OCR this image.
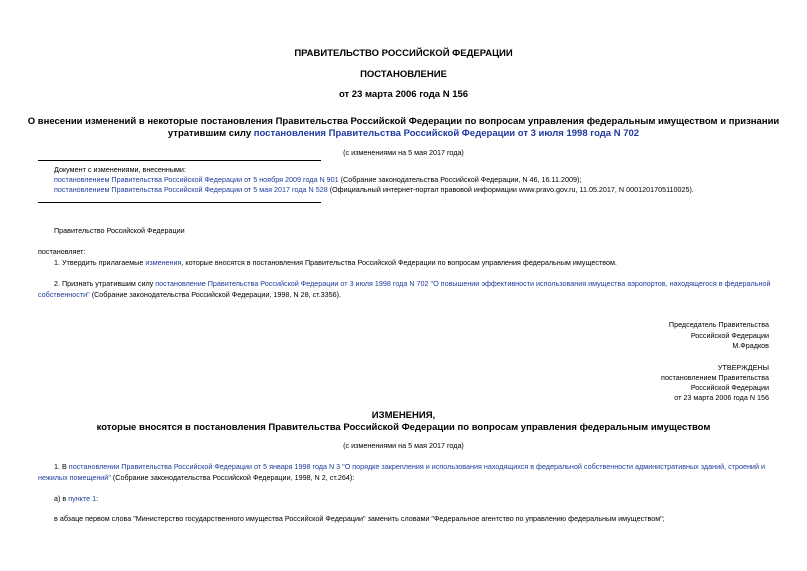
ПРАВИТЕЛЬСТВО РОССИЙСКОЙ ФЕДЕРАЦИИ
ПОСТАНОВЛЕНИЕ
от 23 марта 2006 года N 156
О внесении изменений в некоторые постановления Правительства Российской Федерации по вопросам управления федеральным имуществом и признании
утратившим силу постановления Правительства Российской Федерации от 3 июля 1998 года N 702
(с изменениями на 5 мая 2017 года)
Документ с изменениями, внесенными:
постановлением Правительства Российской Федерации от 5 ноября 2009 года N 901 (Собрание законодательства Российской Федерации, N 46, 16.11.2009);
постановлением Правительства Российской Федерации от 5 мая 2017 года N 528 (Официальный интернет-портал правовой информации www.pravo.gov.ru, 11.05.2017, N 0001201705110025).
Правительство Российской Федерации
постановляет:
1. Утвердить прилагаемые изменения, которые вносятся в постановления Правительства Российской Федерации по вопросам управления федеральным имуществом.
2. Признать утратившим силу постановление Правительства Российской Федерации от 3 июля 1998 года N 702 "О повышении эффективности использования имущества аэропортов, находящегося в федеральной собственности" (Собрание законодательства Российской Федерации, 1998, N 28, ст.3356).
Председатель Правительства
Российской Федерации
М.Фрадков
УТВЕРЖДЕНЫ
постановлением Правительства
Российской Федерации
от 23 марта 2006 года N 156
ИЗМЕНЕНИЯ,
которые вносятся в постановления Правительства Российской Федерации по вопросам управления федеральным имуществом
(с изменениями на 5 мая 2017 года)
1. В постановлении Правительства Российской Федерации от 5 января 1998 года N 3 "О порядке закрепления и использования находящихся в федеральной собственности административных зданий, строений и нежилых помещений" (Собрание законодательства Российской Федерации, 1998, N 2, ст.264):
а) в пункте 1:
в абзаце первом слова "Министерство государственного имущества Российской Федерации" заменить словами "Федеральное агентство по управлению федеральным имуществом";
